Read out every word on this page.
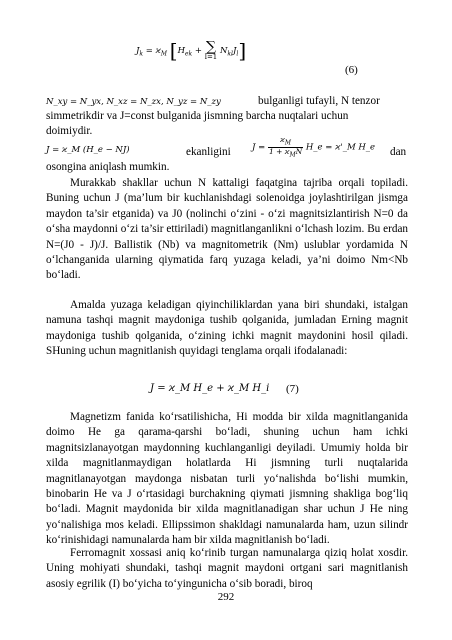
$J_k = ϰ_M$ [$H_{ek}$ + ∑
l=1 $N_{kl}J_l$]
(6)
N_xy = N_yx, N_xz = N_zx, N_yz = N_zy	bulganligi tufayli, N tenzor
simmetrikdir va J=const bulganida jismning barcha nuqtalari uchun
doimiydir.
J = ϰ_M (H_e − NJ)	ekanligini	$J = \frac{ϰ_M}{1 + ϰ_MN}$ H_e = ϰ'_M H_e dan
osongina aniqlash mumkin.
Murakkab shakllar uchun N kattaligi faqatgina tajriba orqali topiladi. Buning uchun J (ma’lum bir kuchlanishdagi solenoidga joylashtirilgan jismga maydon ta’sir etganida) va J0 (nolinchi o‘zini - o‘zi magnitsizlantirish N=0 da o‘sha maydonni o‘zi ta’sir ettiriladi) magnitlanganlikni o‘lchash lozim. Bu erdan N=(J0 - J)/J. Ballistik (Nb) va magnitometrik (Nm) uslublar yordamida N o‘lchanganida ularning qiymatida farq yuzaga keladi, ya’ni doimo Nm<Nb bo‘ladi.
Amalda yuzaga keladigan qiyinchiliklardan yana biri shundaki, istalgan namuna tashqi magnit maydoniga tushib qolganida, jumladan Erning magnit maydoniga tushib qolganida, o‘zining ichki magnit maydonini hosil qiladi. SHuning uchun magnitlanish quyidagi tenglama orqali ifodalanadi:
J = ϰ_M H_e + ϰ_M H_i (7)
Magnetizm fanida ko‘rsatilishicha, Hi modda bir xilda magnitlanganida doimo He ga qarama-qarshi bo‘ladi, shuning uchun ham ichki magnitsizlanayotgan maydonning kuchlanganligi deyiladi. Umumiy holda bir xilda magnitlanmaydigan holatlarda Hi jismning turli nuqtalarida magnitlanayotgan maydonga nisbatan turli yo‘nalishda bo‘lishi mumkin, binobarin He va J o‘rtasidagi burchakning qiymati jismning shakliga bog‘liq bo‘ladi. Magnit maydonida bir xilda magnitlanadigan shar uchun J He ning yo‘nalishiga mos keladi. Ellipssimon shakldagi namunalarda ham, uzun silindr ko‘rinishidagi namunalarda ham bir xilda magnitlanish bo‘ladi.
Ferromagnit xossasi aniq ko‘rinib turgan namunalarga qiziq holat xosdir. Uning mohiyati shundaki, tashqi magnit maydoni ortgani sari magnitlanish asosiy egrilik (I) bo‘yicha to‘yingunicha o‘sib boradi, biroq
292
